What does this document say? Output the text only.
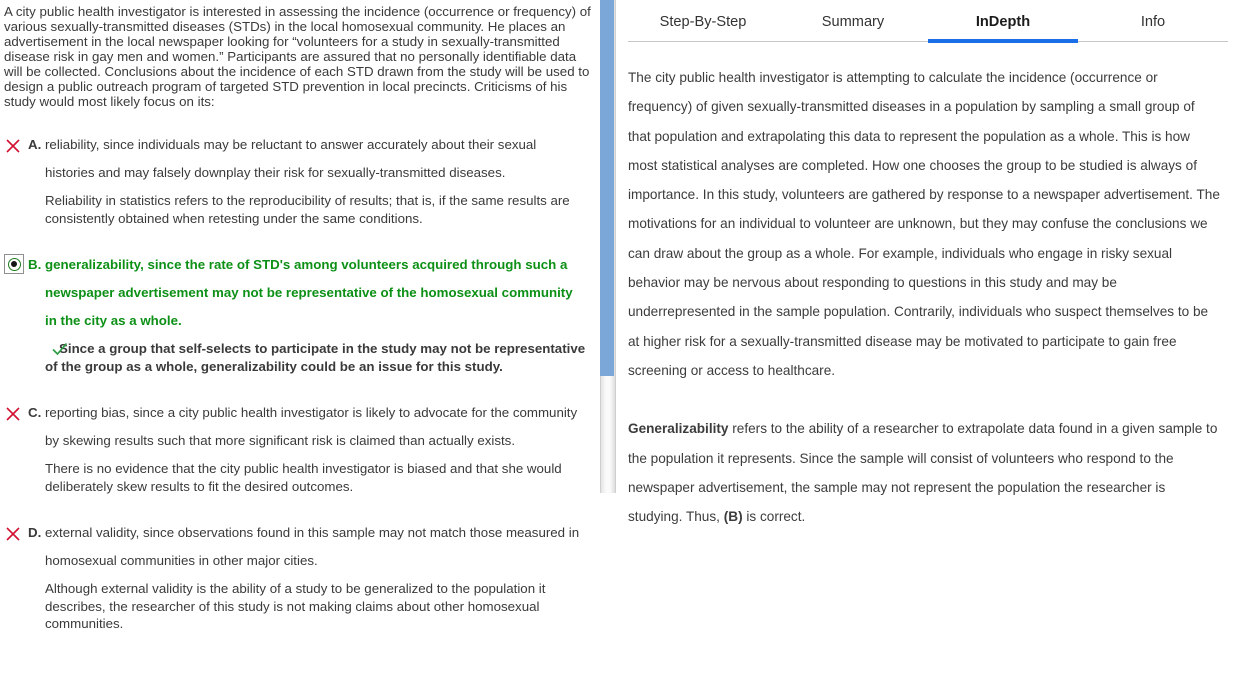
A city public health investigator is interested in assessing the incidence (occurrence or frequency) of various sexually-transmitted diseases (STDs) in the local homosexual community. He places an advertisement in the local newspaper looking for “volunteers for a study in sexually-transmitted disease risk in gay men and women.” Participants are assured that no personally identifiable data will be collected. Conclusions about the incidence of each STD drawn from the study will be used to design a public outreach program of targeted STD prevention in local precincts. Criticisms of his study would most likely focus on its:

A. reliability, since individuals may be reluctant to answer accurately about their sexual histories and may falsely downplay their risk for sexually-transmitted diseases.

Reliability in statistics refers to the reproducibility of results; that is, if the same results are consistently obtained when retesting under the same conditions.

B. generalizability, since the rate of STD's among volunteers acquired through such a newspaper advertisement may not be representative of the homosexual community in the city as a whole.
Since a group that self-selects to participate in the study may not be representative of the group as a whole, generalizability could be an issue for this study.
C. reporting bias, since a city public health investigator is likely to advocate for the community by skewing results such that more significant risk is claimed than actually exists.

There is no evidence that the city public health investigator is biased and that she would deliberately skew results to fit the desired outcomes.

D. external validity, since observations found in this sample may not match those measured in homosexual communities in other major cities.

Although external validity is the ability of a study to be generalized to the population it describes, the researcher of this study is not making claims about other homosexual communities.

Step-By-Step	Summary	InDepth	Info

The city public health investigator is attempting to calculate the incidence (occurrence or frequency) of given sexually-transmitted diseases in a population by sampling a small group of that population and extrapolating this data to represent the population as a whole. This is how most statistical analyses are completed. How one chooses the group to be studied is always of importance. In this study, volunteers are gathered by response to a newspaper advertisement. The motivations for an individual to volunteer are unknown, but they may confuse the conclusions we can draw about the group as a whole. For example, individuals who engage in risky sexual behavior may be nervous about responding to questions in this study and may be underrepresented in the sample population. Contrarily, individuals who suspect themselves to be at higher risk for a sexually-transmitted disease may be motivated to participate to gain free screening or access to healthcare.

Generalizability refers to the ability of a researcher to extrapolate data found in a given sample to the population it represents. Since the sample will consist of volunteers who respond to the newspaper advertisement, the sample may not represent the population the researcher is studying. Thus, (B) is correct.
